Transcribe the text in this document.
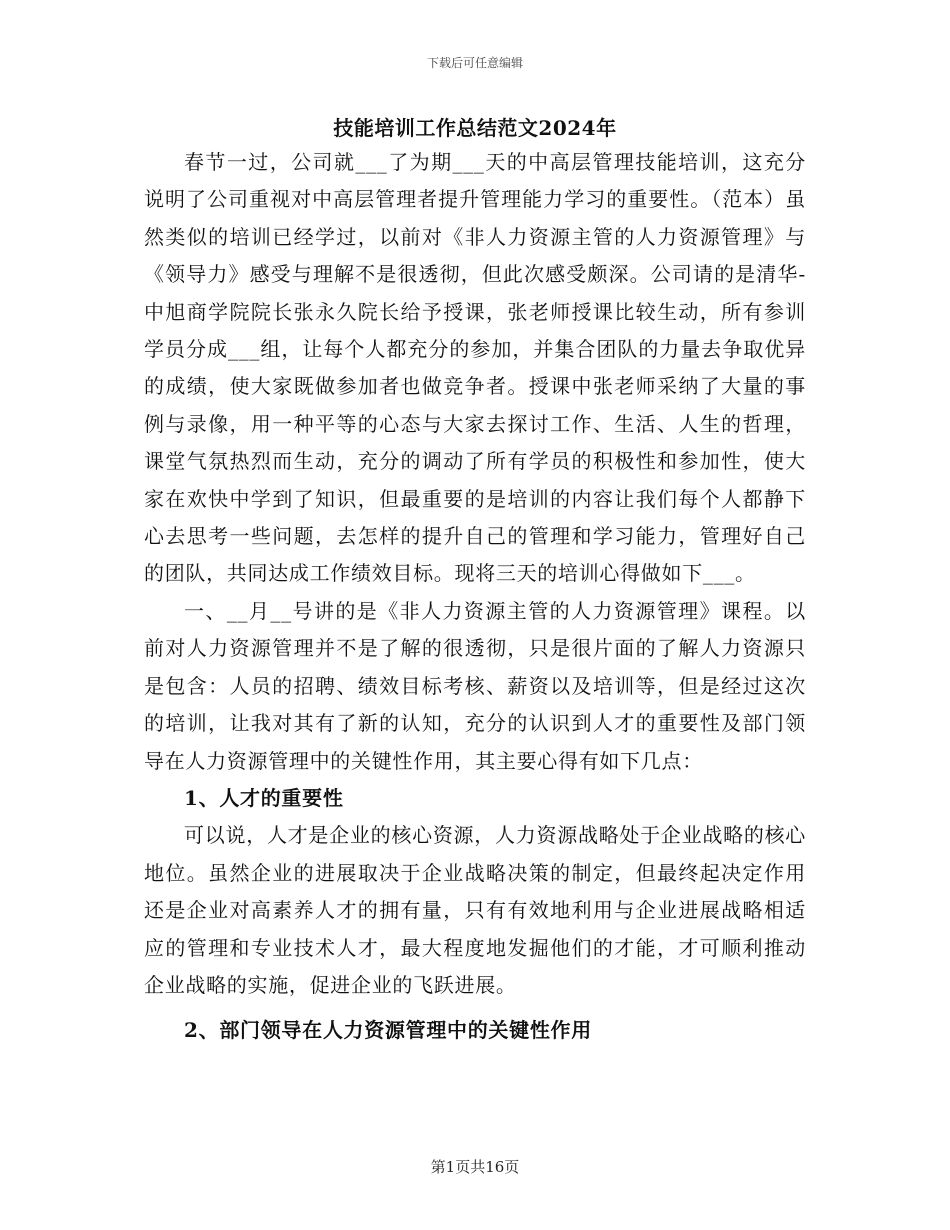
下载后可任意编辑
技能培训工作总结范文2024年

春节一过，公司就___了为期___天的中高层管理技能培训，这充分说明了公司重视对中高层管理者提升管理能力学习的重要性。（范本）虽然类似的培训已经学过，以前对《非人力资源主管的人力资源管理》与《领导力》感受与理解不是很透彻，但此次感受颇深。公司请的是清华-中旭商学院院长张永久院长给予授课，张老师授课比较生动，所有参训学员分成___组，让每个人都充分的参加，并集合团队的力量去争取优异的成绩，使大家既做参加者也做竞争者。授课中张老师采纳了大量的事例与录像，用一种平等的心态与大家去探讨工作、生活、人生的哲理，课堂气氛热烈而生动，充分的调动了所有学员的积极性和参加性，使大家在欢快中学到了知识，但最重要的是培训的内容让我们每个人都静下心去思考一些问题，去怎样的提升自己的管理和学习能力，管理好自己的团队，共同达成工作绩效目标。现将三天的培训心得做如下___。

一、__月__号讲的是《非人力资源主管的人力资源管理》课程。以前对人力资源管理并不是了解的很透彻，只是很片面的了解人力资源只是包含：人员的招聘、绩效目标考核、薪资以及培训等，但是经过这次的培训，让我对其有了新的认知，充分的认识到人才的重要性及部门领导在人力资源管理中的关键性作用，其主要心得有如下几点：

1、人才的重要性

可以说，人才是企业的核心资源，人力资源战略处于企业战略的核心地位。虽然企业的进展取决于企业战略决策的制定，但最终起决定作用还是企业对高素养人才的拥有量，只有有效地利用与企业进展战略相适应的管理和专业技术人才，最大程度地发掘他们的才能，才可顺利推动企业战略的实施，促进企业的飞跃进展。

2、部门领导在人力资源管理中的关键性作用

第1页共16页
